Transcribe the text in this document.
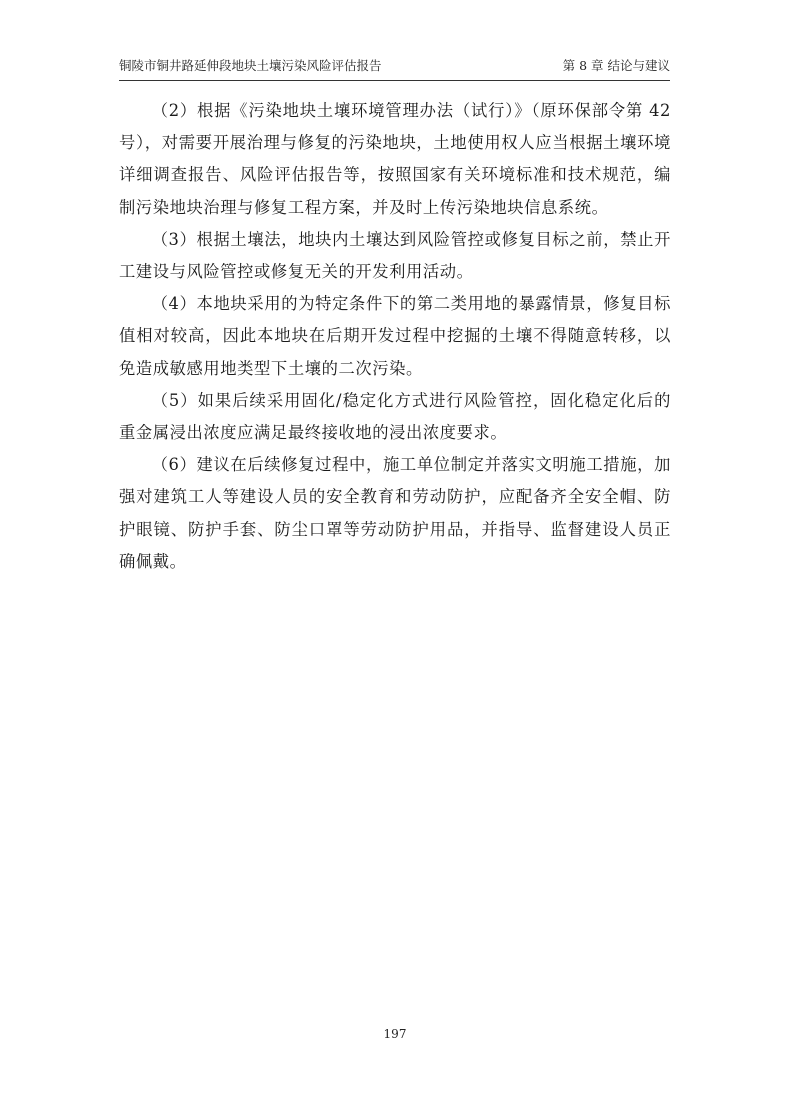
铜陵市铜井路延伸段地块土壤污染风险评估报告	第 8 章 结论与建议

（2）根据《污染地块土壤环境管理办法（试行）》（原环保部令第 42 号），对需要开展治理与修复的污染地块，土地使用权人应当根据土壤环境详细调查报告、风险评估报告等，按照国家有关环境标准和技术规范，编制污染地块治理与修复工程方案，并及时上传污染地块信息系统。

（3）根据土壤法，地块内土壤达到风险管控或修复目标之前，禁止开工建设与风险管控或修复无关的开发利用活动。

（4）本地块采用的为特定条件下的第二类用地的暴露情景，修复目标值相对较高，因此本地块在后期开发过程中挖掘的土壤不得随意转移，以免造成敏感用地类型下土壤的二次污染。

（5）如果后续采用固化/稳定化方式进行风险管控，固化稳定化后的重金属浸出浓度应满足最终接收地的浸出浓度要求。

（6）建议在后续修复过程中，施工单位制定并落实文明施工措施，加强对建筑工人等建设人员的安全教育和劳动防护，应配备齐全安全帽、防护眼镜、防护手套、防尘口罩等劳动防护用品，并指导、监督建设人员正确佩戴。

197
